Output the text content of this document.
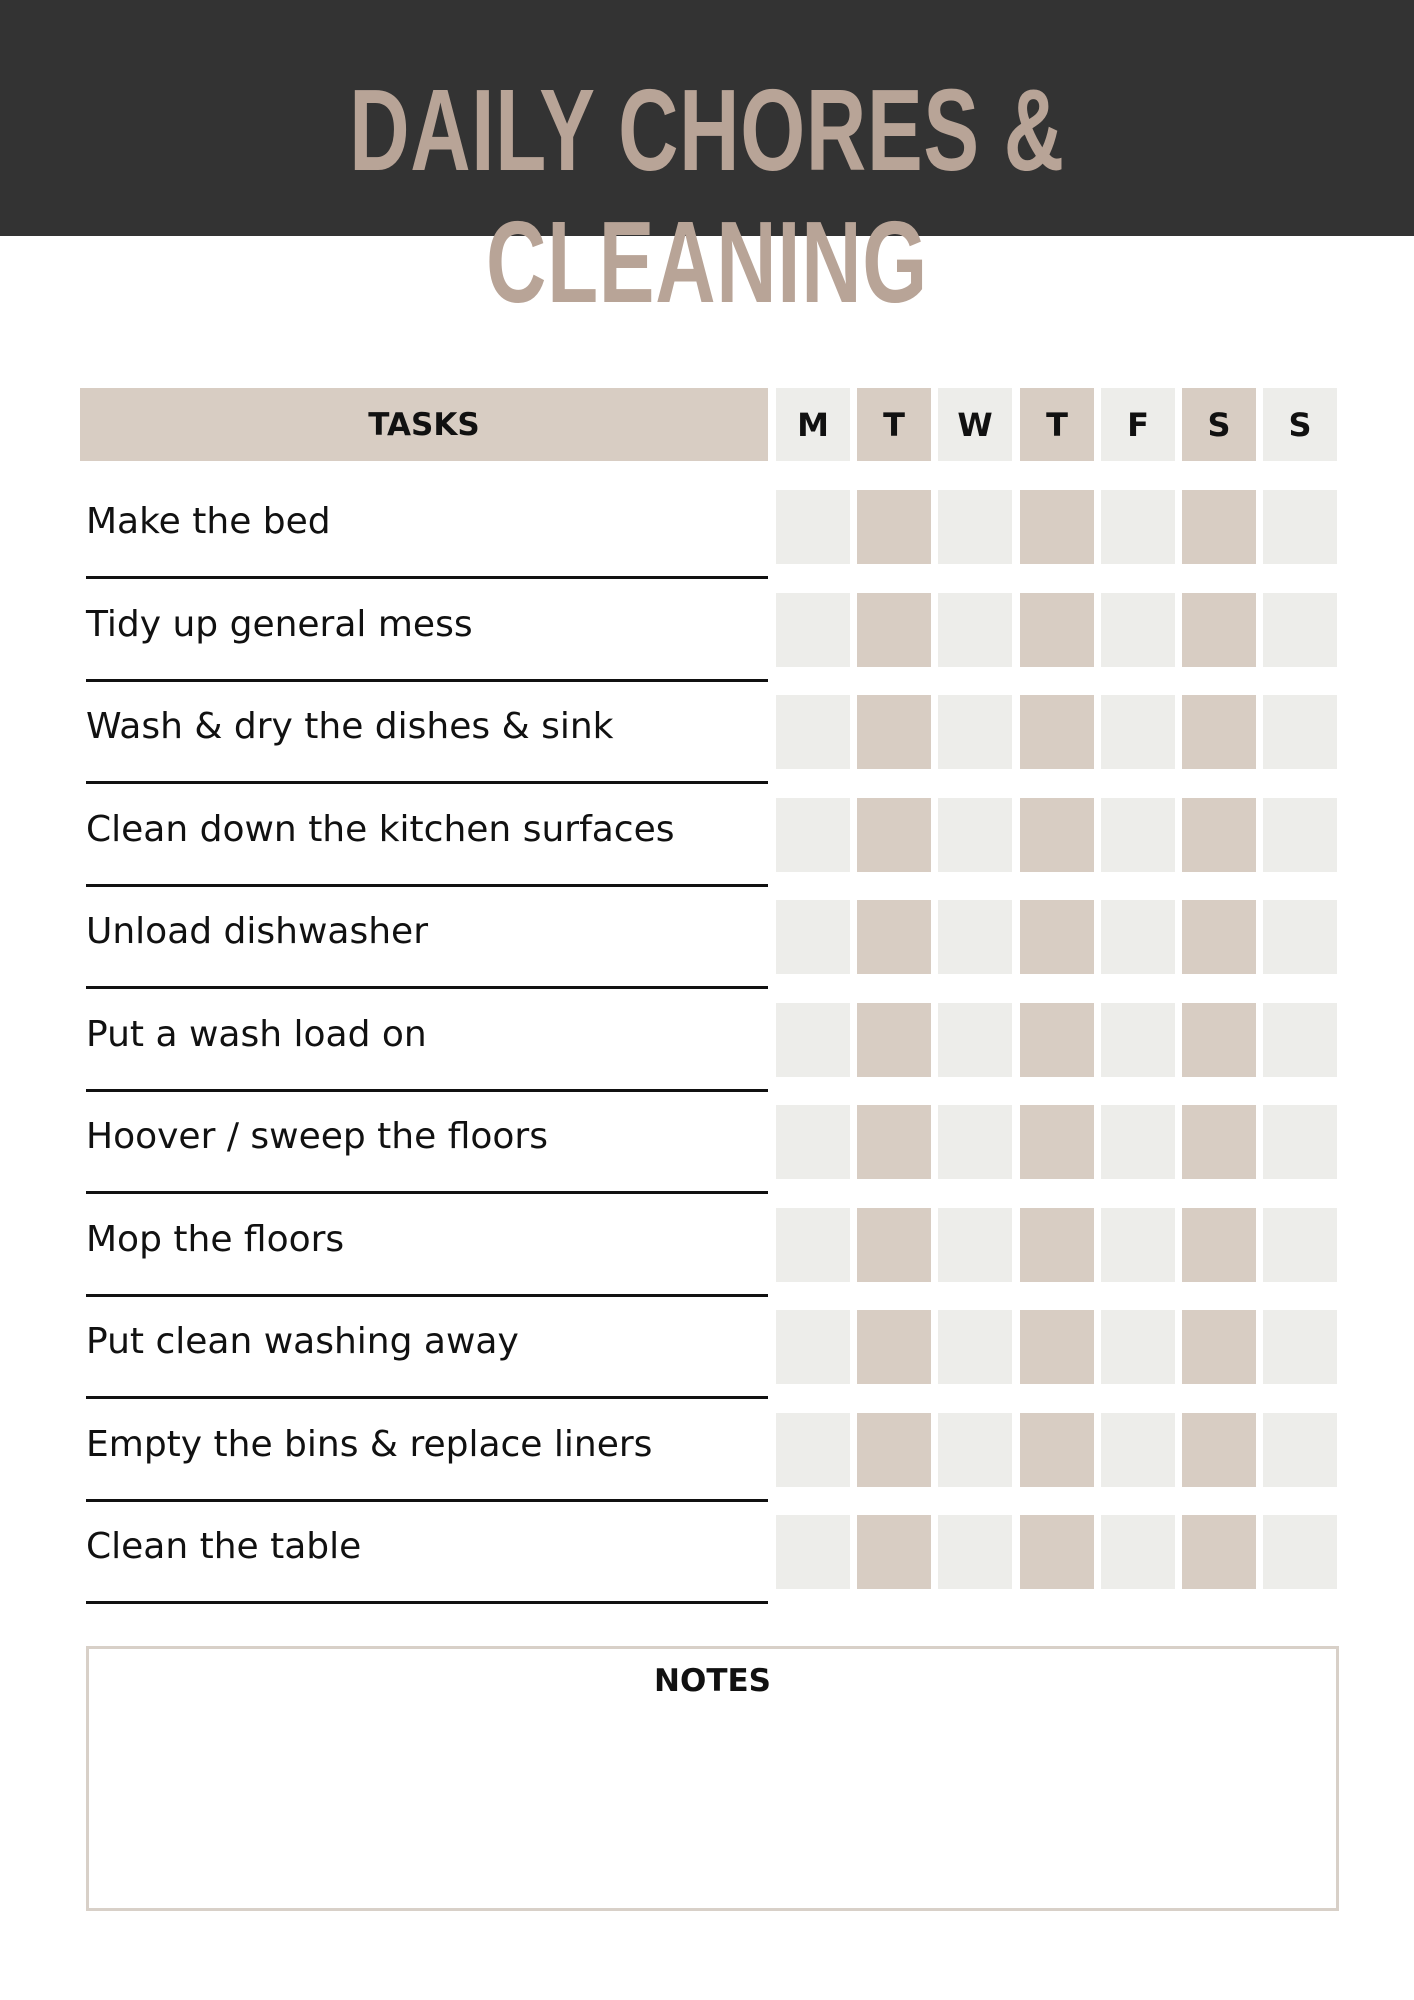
DAILY CHORES & CLEANING
TASKS	M	T	W	T	F	S	S
Make the bed
Tidy up general mess
Wash & dry the dishes & sink
Clean down the kitchen surfaces
Unload dishwasher
Put a wash load on
Hoover / sweep the floors
Mop the floors
Put clean washing away
Empty the bins & replace liners
Clean the table
NOTES
